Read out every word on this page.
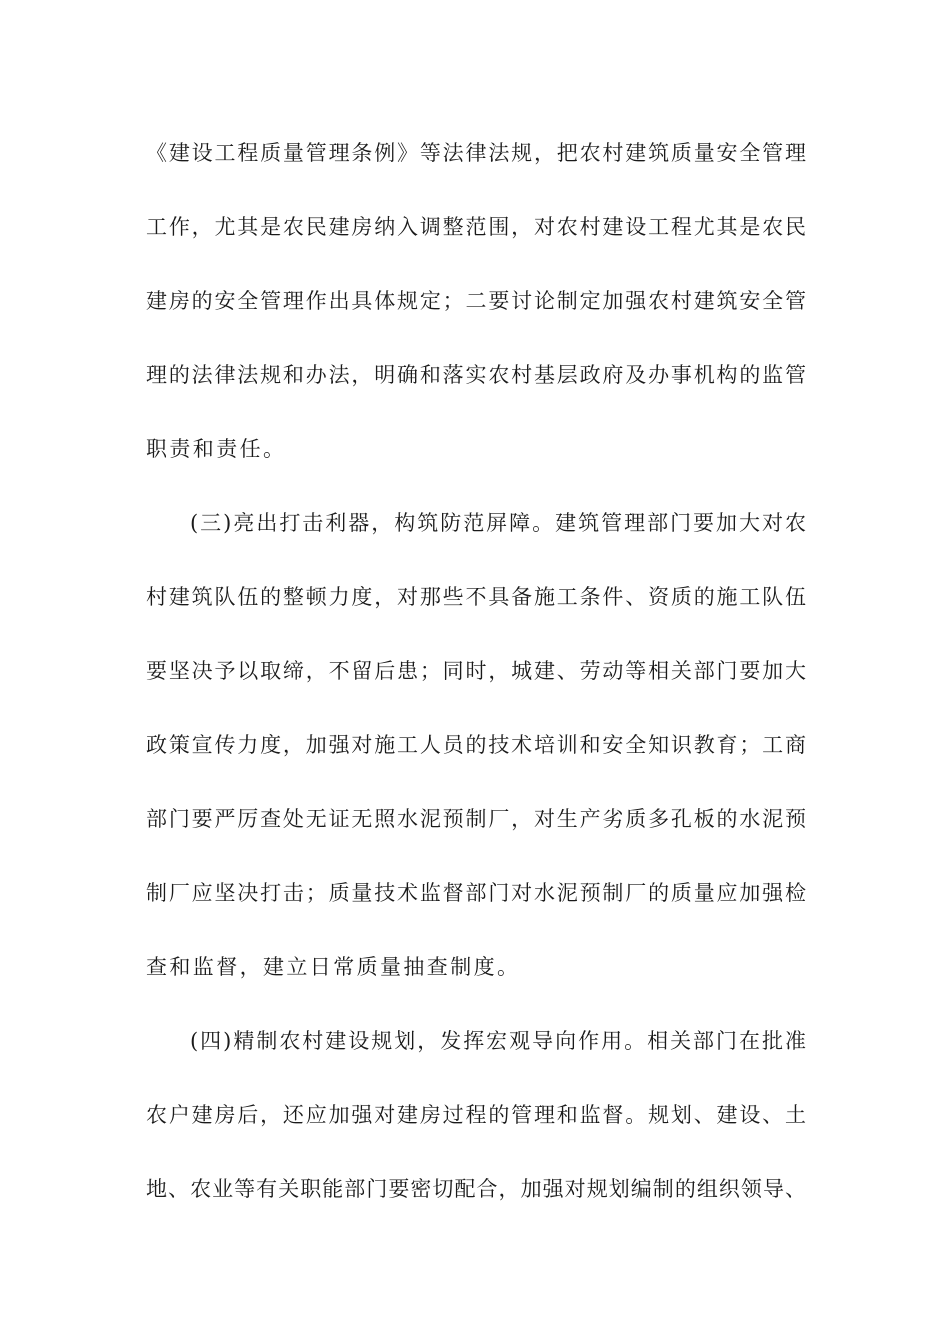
《建设工程质量管理条例》等法律法规，把农村建筑质量安全管理
工作，尤其是农民建房纳入调整范围，对农村建设工程尤其是农民
建房的安全管理作出具体规定；二要讨论制定加强农村建筑安全管
理的法律法规和办法，明确和落实农村基层政府及办事机构的监管
职责和责任。
(三)亮出打击利器，构筑防范屏障。建筑管理部门要加大对农
村建筑队伍的整顿力度，对那些不具备施工条件、资质的施工队伍
要坚决予以取缔，不留后患；同时，城建、劳动等相关部门要加大
政策宣传力度，加强对施工人员的技术培训和安全知识教育；工商
部门要严厉查处无证无照水泥预制厂，对生产劣质多孔板的水泥预
制厂应坚决打击；质量技术监督部门对水泥预制厂的质量应加强检
查和监督，建立日常质量抽查制度。
(四)精制农村建设规划，发挥宏观导向作用。相关部门在批准
农户建房后，还应加强对建房过程的管理和监督。规划、建设、土
地、农业等有关职能部门要密切配合，加强对规划编制的组织领导、
